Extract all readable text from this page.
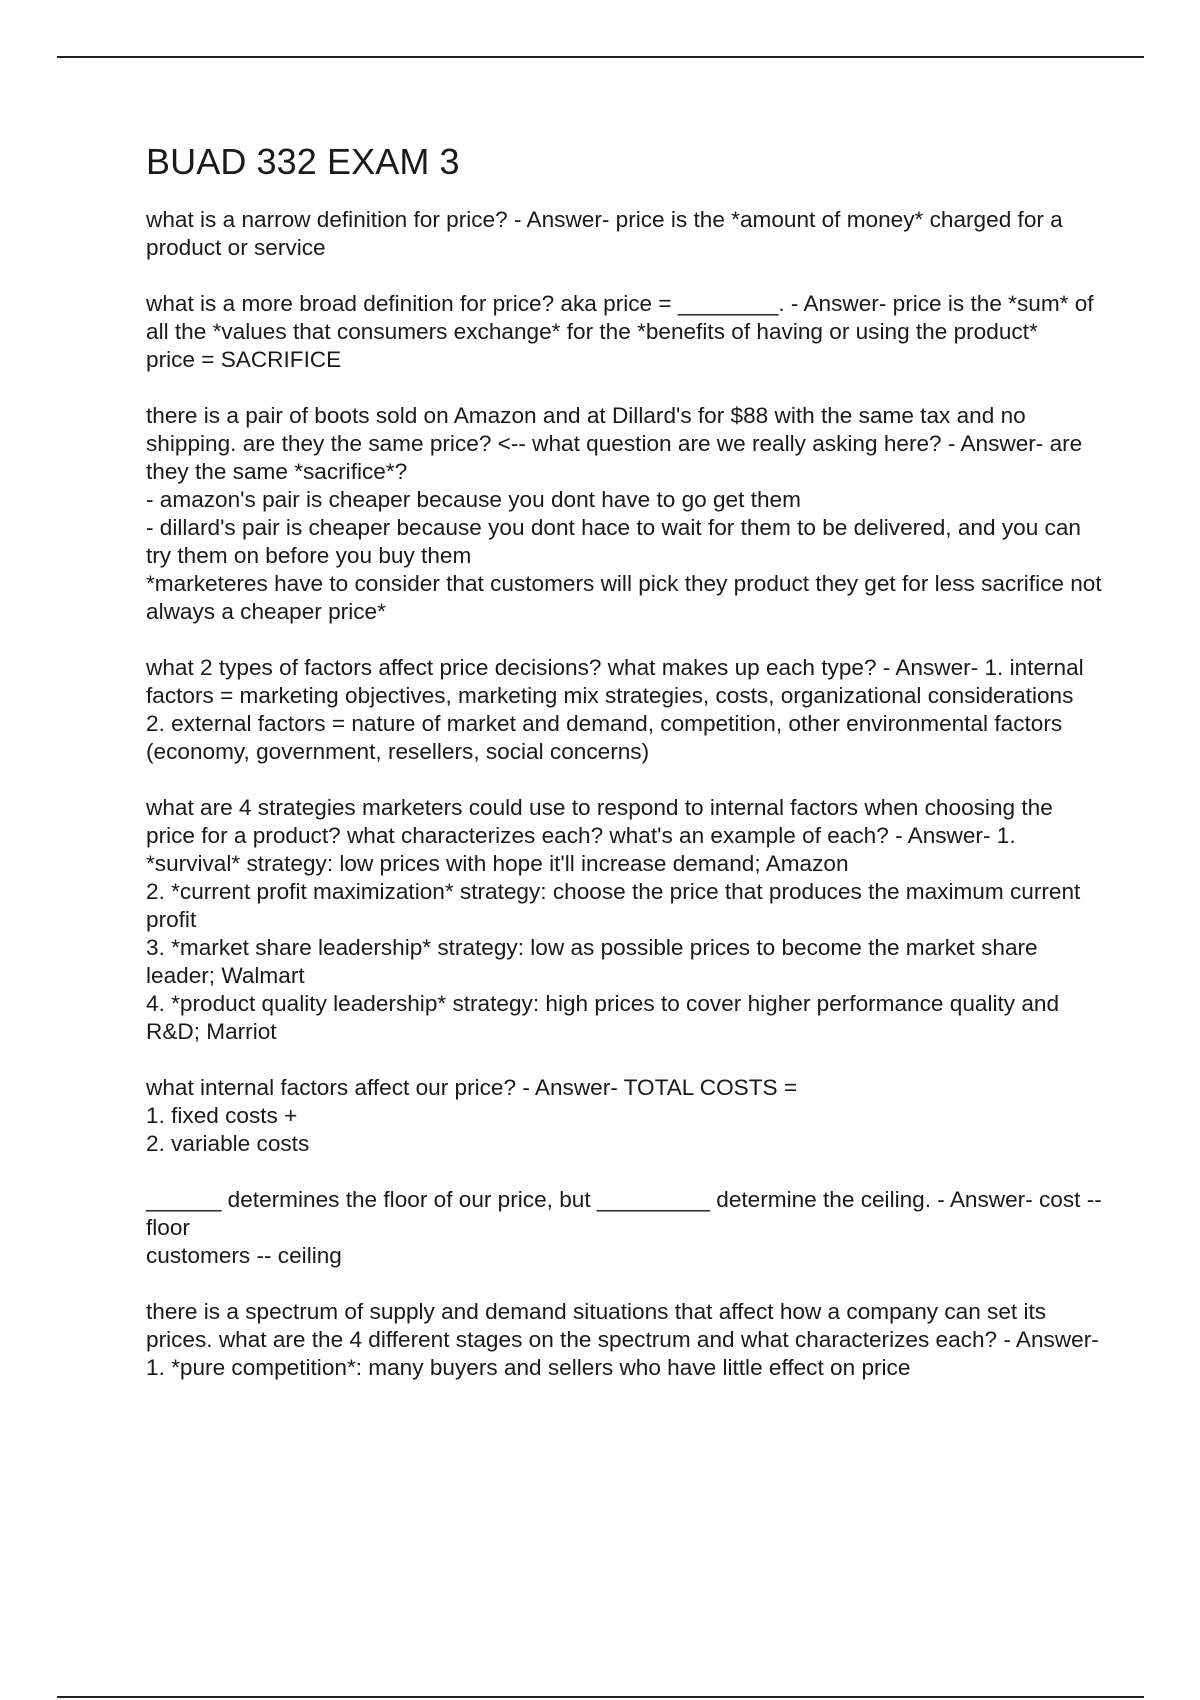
BUAD 332 EXAM 3

what is a narrow definition for price? - Answer- price is the *amount of money* charged for a product or service

what is a more broad definition for price? aka price = ________. - Answer- price is the *sum* of all the *values that consumers exchange* for the *benefits of having or using the product*
price = SACRIFICE

there is a pair of boots sold on Amazon and at Dillard's for $88 with the same tax and no shipping. are they the same price? <-- what question are we really asking here? - Answer- are they the same *sacrifice*?
- amazon's pair is cheaper because you dont have to go get them
- dillard's pair is cheaper because you dont hace to wait for them to be delivered, and you can try them on before you buy them
*marketeres have to consider that customers will pick they product they get for less sacrifice not always a cheaper price*

what 2 types of factors affect price decisions? what makes up each type? - Answer- 1. internal factors = marketing objectives, marketing mix strategies, costs, organizational considerations
2. external factors = nature of market and demand, competition, other environmental factors (economy, government, resellers, social concerns)

what are 4 strategies marketers could use to respond to internal factors when choosing the price for a product? what characterizes each? what's an example of each? - Answer- 1. *survival* strategy: low prices with hope it'll increase demand; Amazon
2. *current profit maximization* strategy: choose the price that produces the maximum current profit
3. *market share leadership* strategy: low as possible prices to become the market share leader; Walmart
4. *product quality leadership* strategy: high prices to cover higher performance quality and R&D; Marriot

what internal factors affect our price? - Answer- TOTAL COSTS =
1. fixed costs +
2. variable costs

______ determines the floor of our price, but _________ determine the ceiling. - Answer- cost -- floor
customers -- ceiling

there is a spectrum of supply and demand situations that affect how a company can set its prices. what are the 4 different stages on the spectrum and what characterizes each? - Answer- 1. *pure competition*: many buyers and sellers who have little effect on price
